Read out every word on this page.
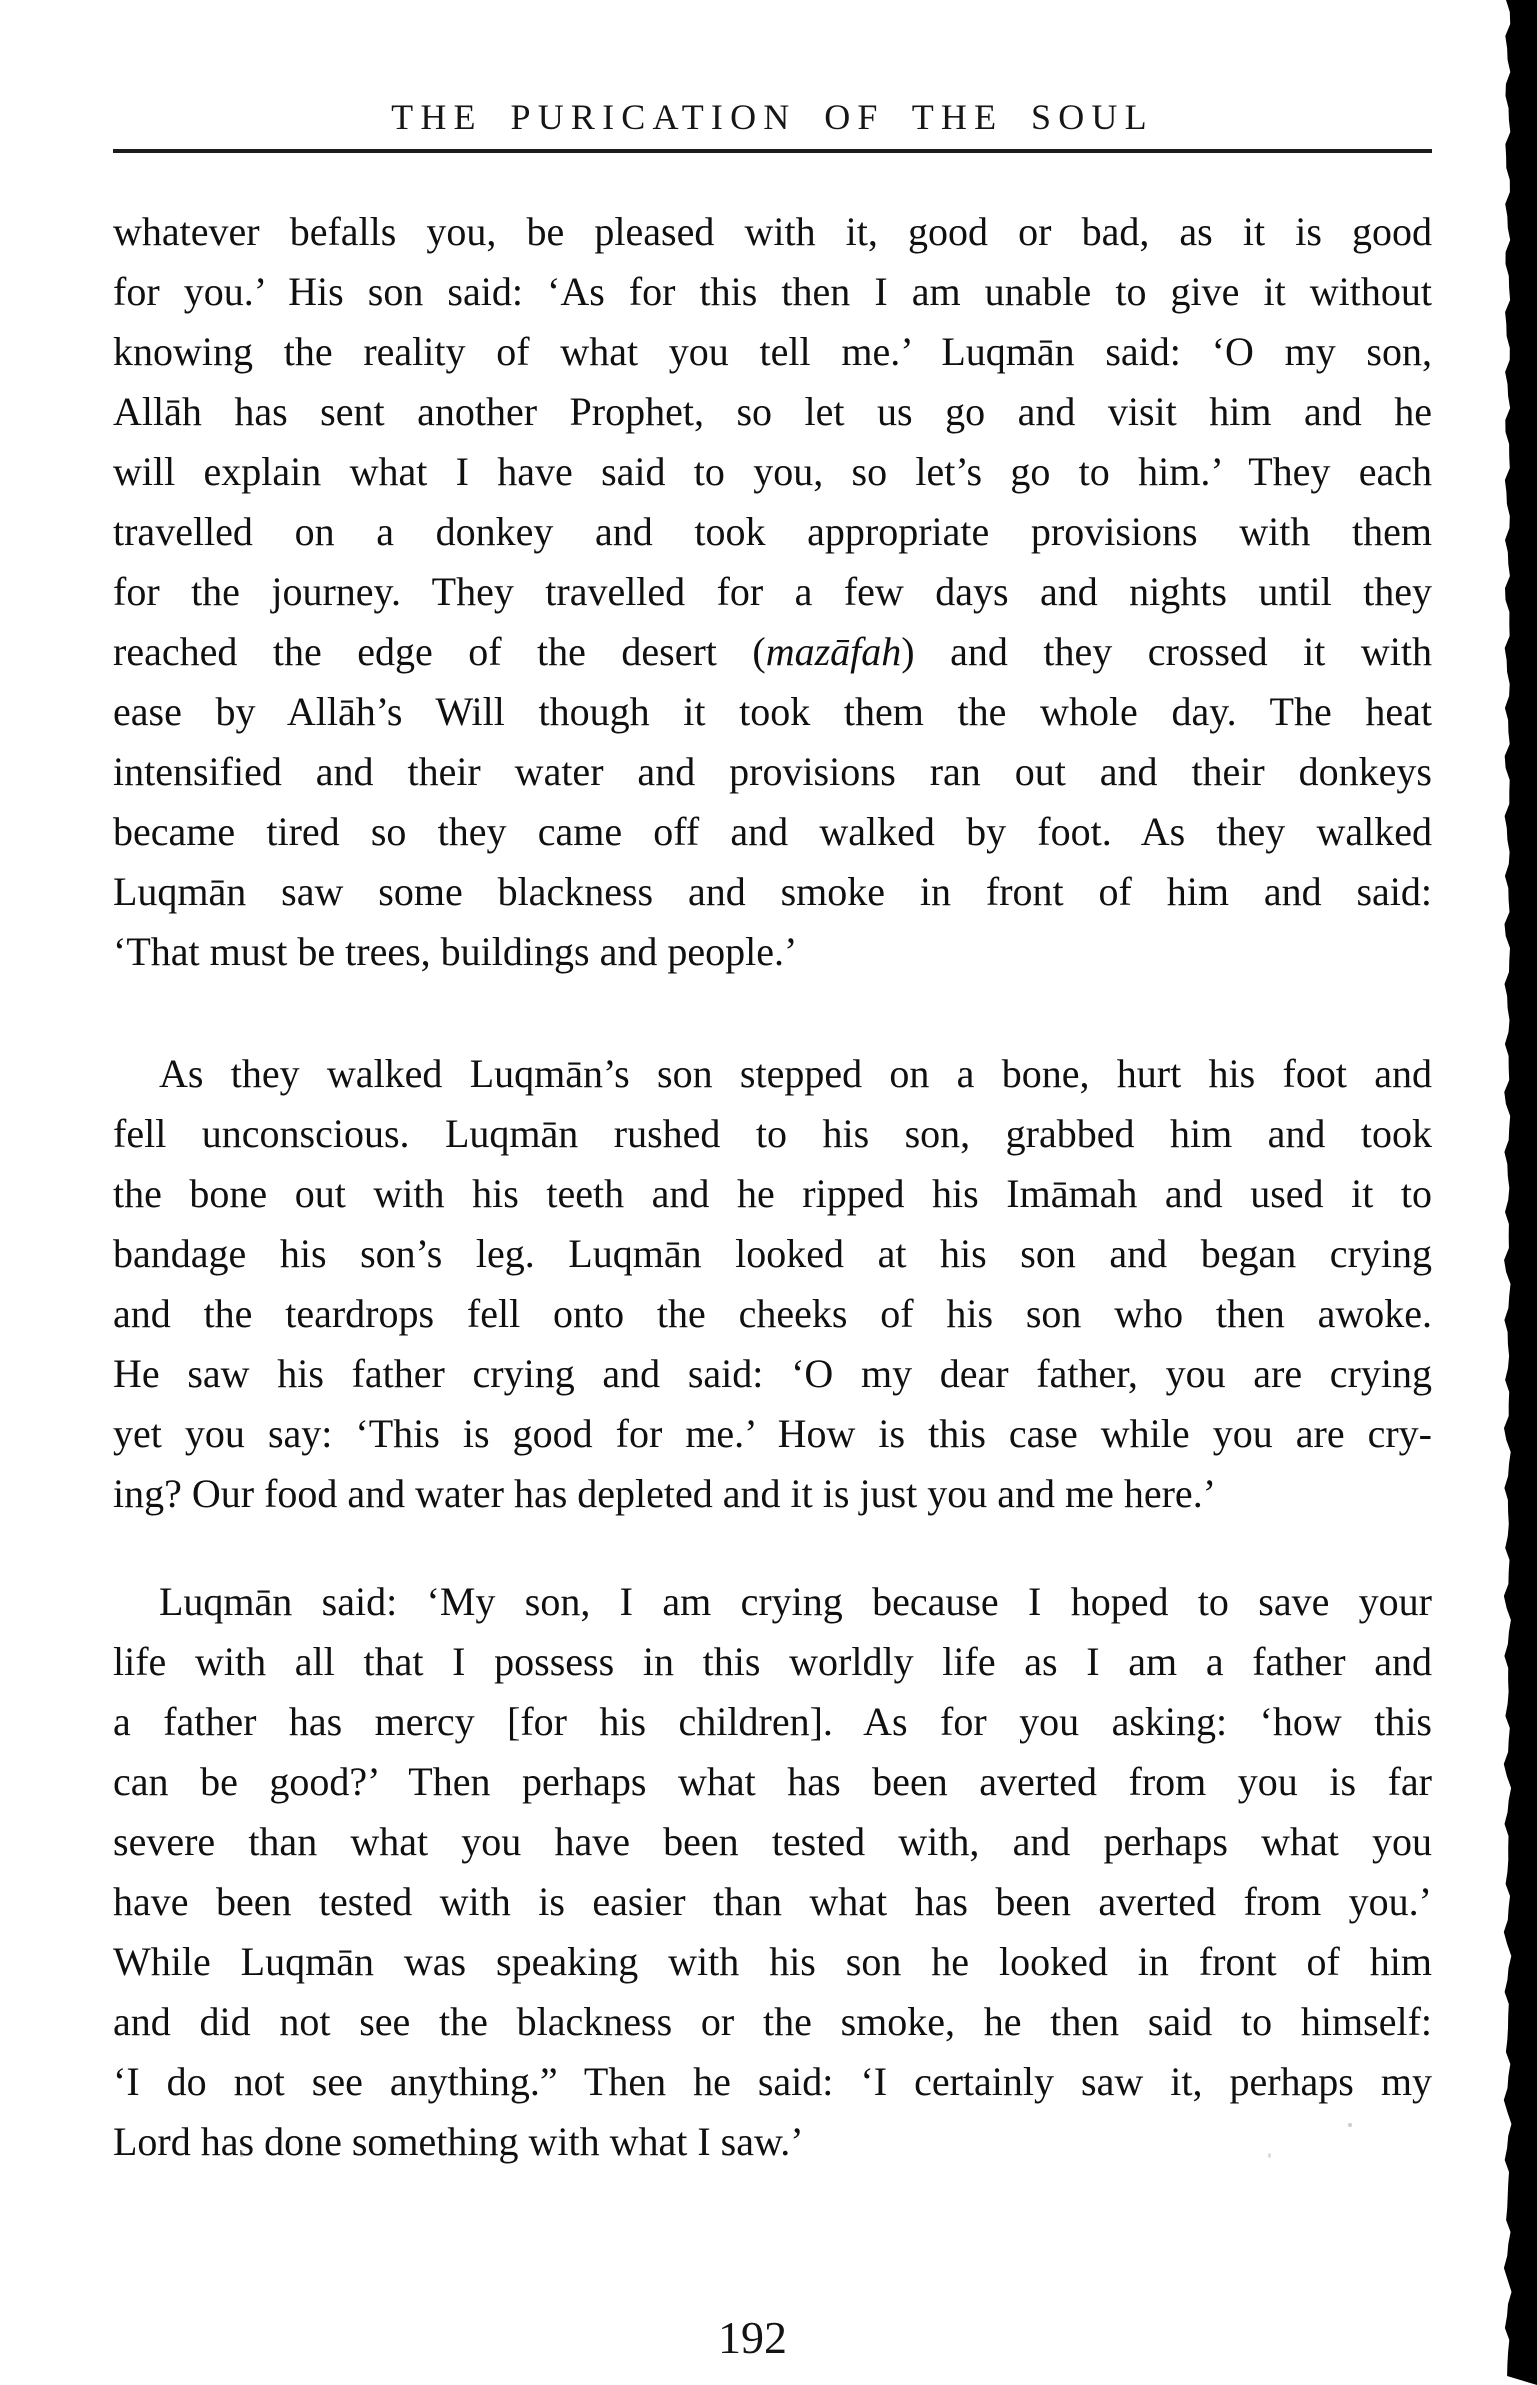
THE PURICATION OF THE SOUL
whatever befalls you, be pleased with it, good or bad, as it is good
for you.’ His son said: ‘As for this then I am unable to give it without
knowing the reality of what you tell me.’ Luqmān said: ‘O my son,
Allāh has sent another Prophet, so let us go and visit him and he
will explain what I have said to you, so let’s go to him.’ They each
travelled on a donkey and took appropriate provisions with them
for the journey. They travelled for a few days and nights until they
reached the edge of the desert (mazāfah) and they crossed it with
ease by Allāh’s Will though it took them the whole day. The heat
intensified and their water and provisions ran out and their donkeys
became tired so they came off and walked by foot. As they walked
Luqmān saw some blackness and smoke in front of him and said:
‘That must be trees, buildings and people.’
As they walked Luqmān’s son stepped on a bone, hurt his foot and
fell unconscious. Luqmān rushed to his son, grabbed him and took
the bone out with his teeth and he ripped his Imāmah and used it to
bandage his son’s leg. Luqmān looked at his son and began crying
and the teardrops fell onto the cheeks of his son who then awoke.
He saw his father crying and said: ‘O my dear father, you are crying
yet you say: ‘This is good for me.’ How is this case while you are cry-
ing? Our food and water has depleted and it is just you and me here.’
Luqmān said: ‘My son, I am crying because I hoped to save your
life with all that I possess in this worldly life as I am a father and
a father has mercy [for his children]. As for you asking: ‘how this
can be good?’ Then perhaps what has been averted from you is far
severe than what you have been tested with, and perhaps what you
have been tested with is easier than what has been averted from you.’
While Luqmān was speaking with his son he looked in front of him
and did not see the blackness or the smoke, he then said to himself:
‘I do not see anything.” Then he said: ‘I certainly saw it, perhaps my
Lord has done something with what I saw.’
192
